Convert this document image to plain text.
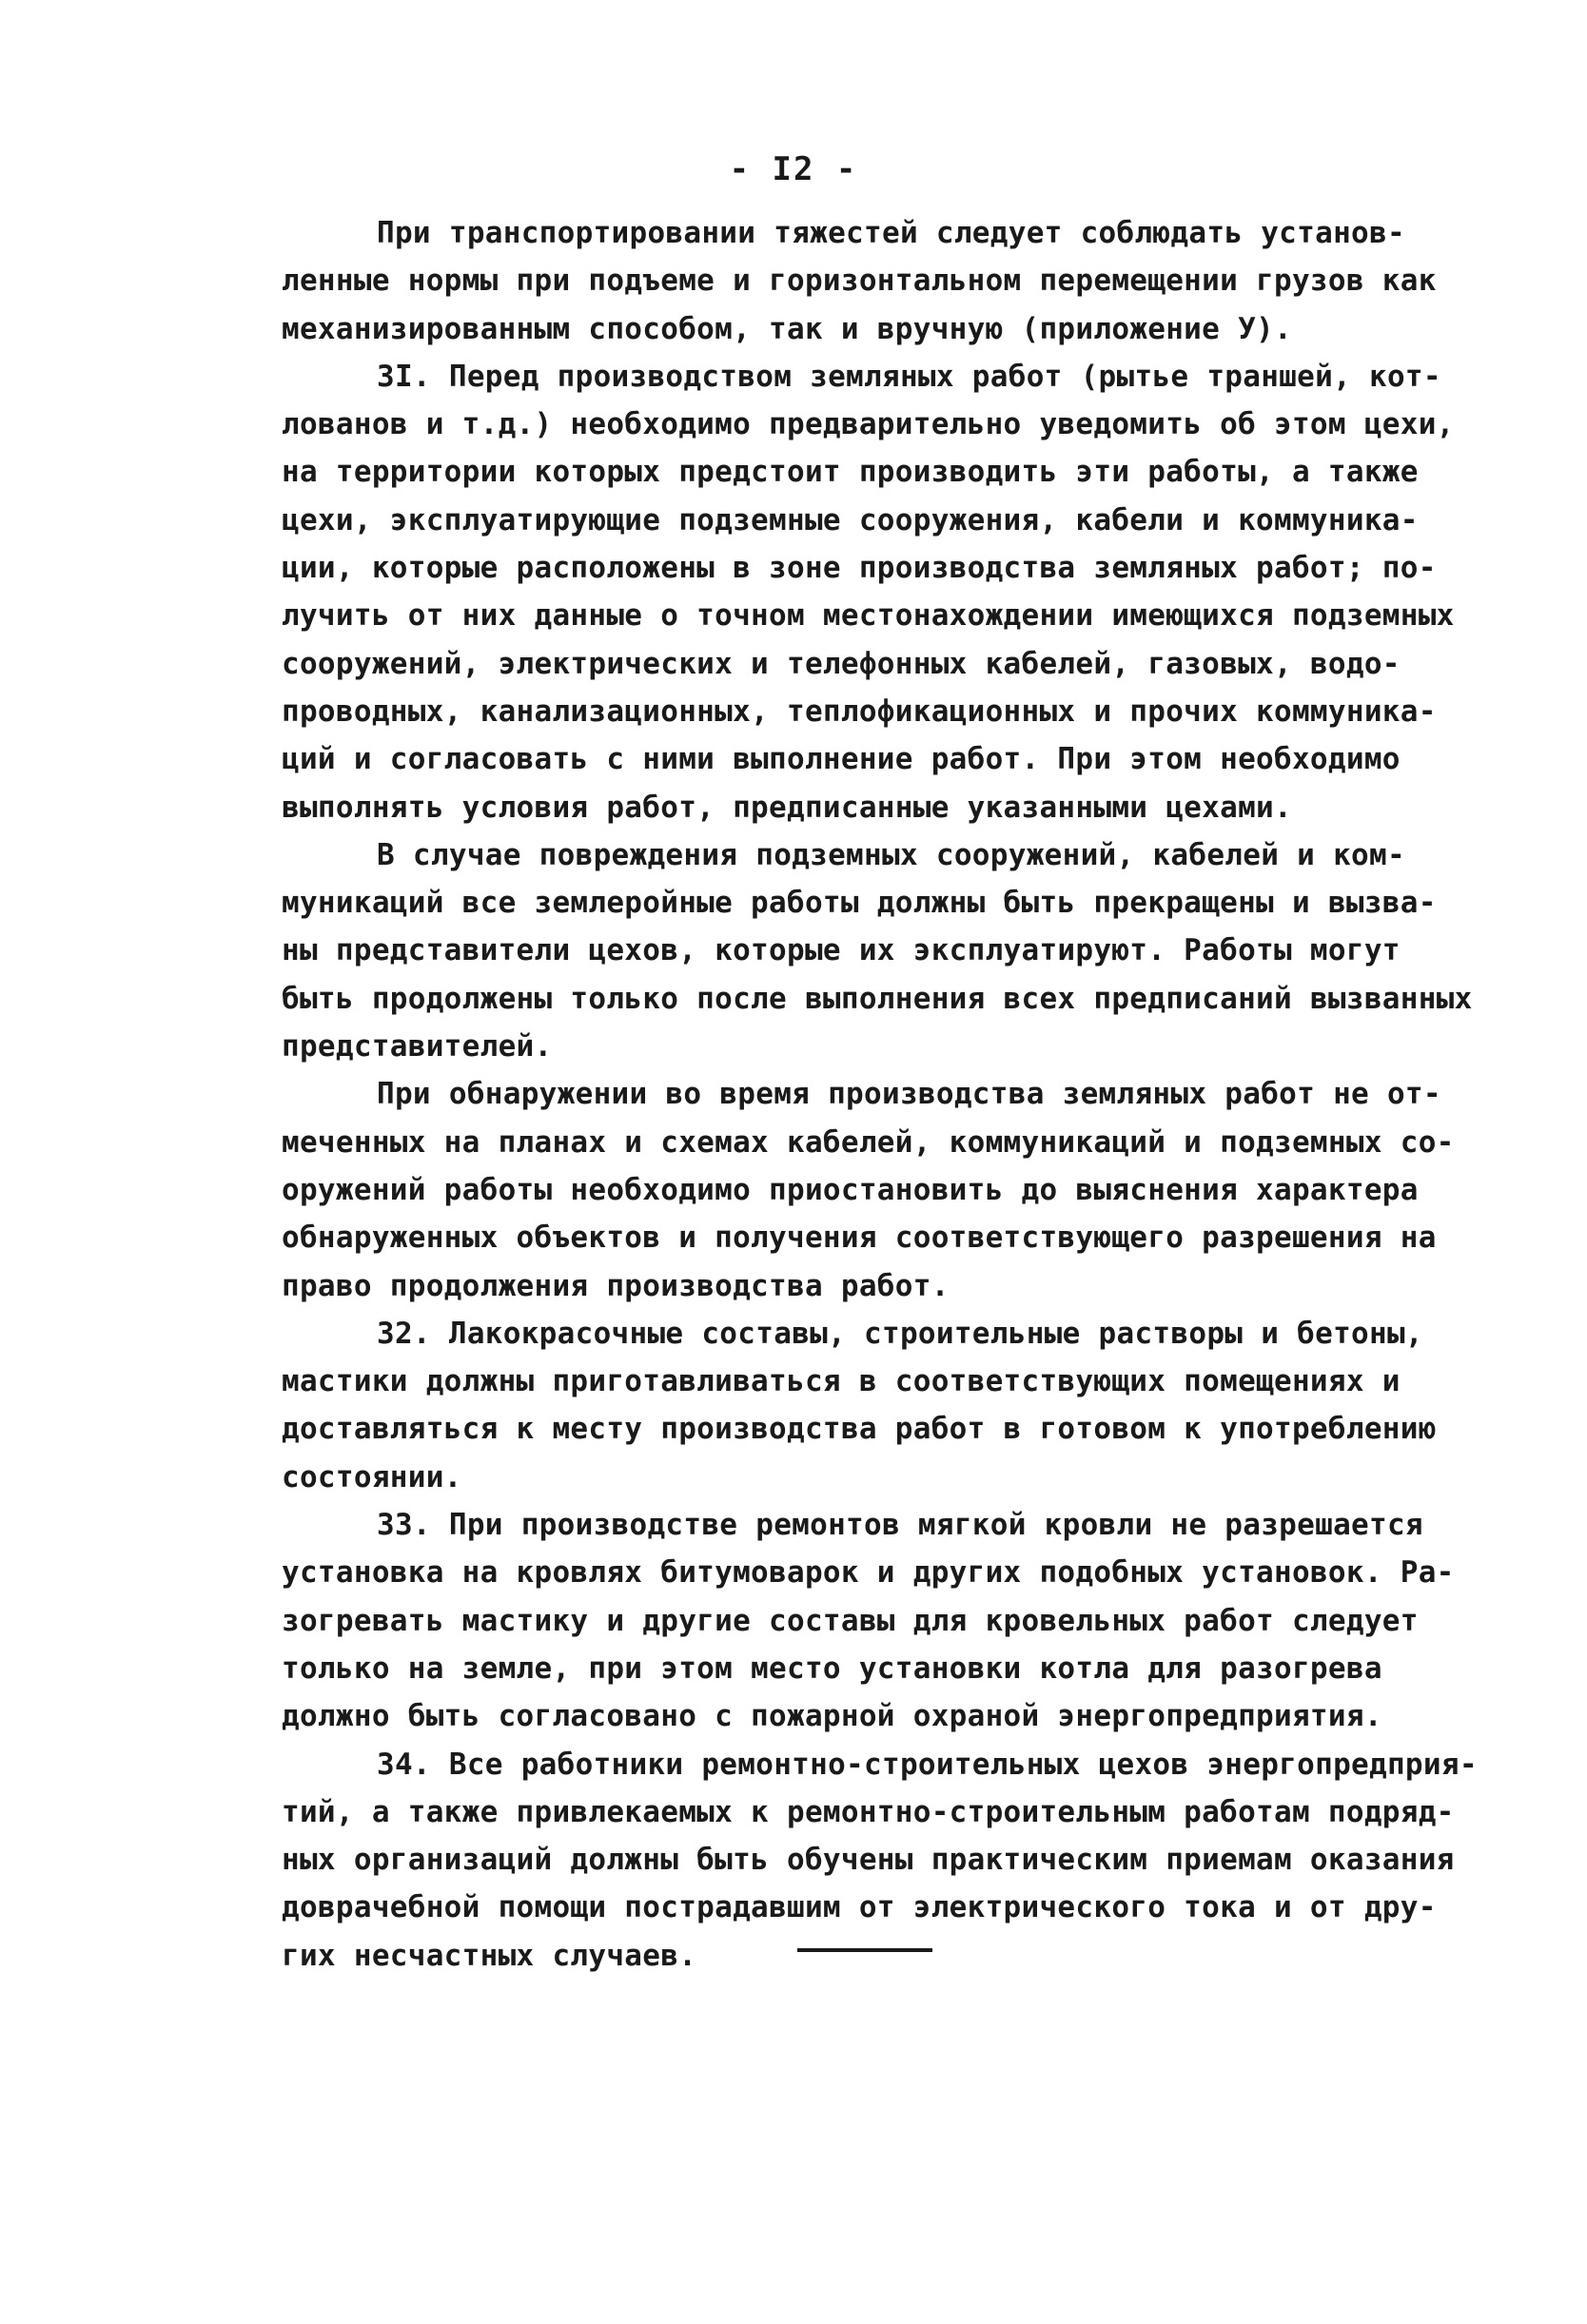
- I2 -
При транспортировании тяжестей следует соблюдать установ-
ленные нормы при подъеме и горизонтальном перемещении грузов как
механизированным способом, так и вручную (приложение У).
3I. Перед производством земляных работ (рытье траншей, кот-
лованов и т.д.) необходимо предварительно уведомить об этом цехи,
на территории которых предстоит производить эти работы, а также
цехи, эксплуатирующие подземные сооружения, кабели и коммуника-
ции, которые расположены в зоне производства земляных работ; по-
лучить от них данные о точном местонахождении имеющихся подземных
сооружений, электрических и телефонных кабелей, газовых, водо-
проводных, канализационных, теплофикационных и прочих коммуника-
ций и согласовать с ними выполнение работ. При этом необходимо
выполнять условия работ, предписанные указанными цехами.
В случае повреждения подземных сооружений, кабелей и ком-
муникаций все землеройные работы должны быть прекращены и вызва-
ны представители цехов, которые их эксплуатируют. Работы могут
быть продолжены только после выполнения всех предписаний вызванных
представителей.
При обнаружении во время производства земляных работ не от-
меченных на планах и схемах кабелей, коммуникаций и подземных со-
оружений работы необходимо приостановить до выяснения характера
обнаруженных объектов и получения соответствующего разрешения на
право продолжения производства работ.
32. Лакокрасочные составы, строительные растворы и бетоны,
мастики должны приготавливаться в соответствующих помещениях и
доставляться к месту производства работ в готовом к употреблению
состоянии.
33. При производстве ремонтов мягкой кровли не разрешается
установка на кровлях битумоварок и других подобных установок. Ра-
зогревать мастику и другие составы для кровельных работ следует
только на земле, при этом место установки котла для разогрева
должно быть согласовано с пожарной охраной энергопредприятия.
34. Все работники ремонтно-строительных цехов энергопредприя-
тий, а также привлекаемых к ремонтно-строительным работам подряд-
ных организаций должны быть обучены практическим приемам оказания
доврачебной помощи пострадавшим от электрического тока и от дру-
гих несчастных случаев.
